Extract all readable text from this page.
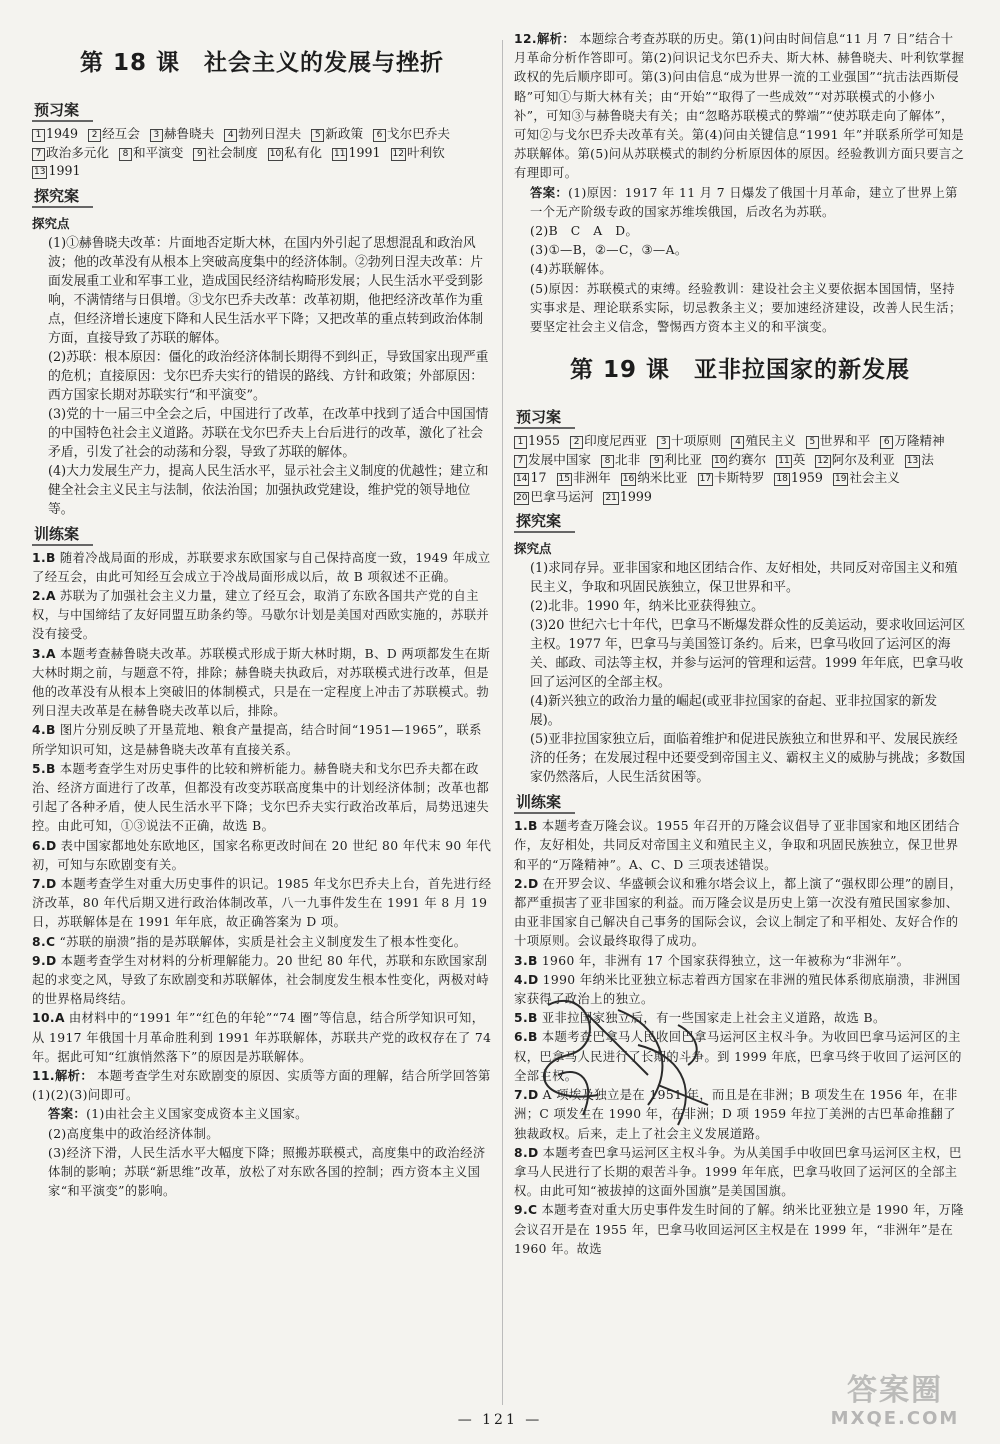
第 18 课　社会主义的发展与挫折
预习案
1 1949 2 经互会 3 赫鲁晓夫 4 勃列日涅夫 5 新政策 6 戈尔巴乔夫 7 政治多元化 8 和平演变 9 社会制度 10 私有化 11 1991 12 叶利钦 13 1991
探究案
探究点

(1)①赫鲁晓夫改革：片面地否定斯大林，在国内外引起了思想混乱和政治风波；他的改革没有从根本上突破高度集中的经济体制。②勃列日涅夫改革：片面发展重工业和军事工业，造成国民经济结构畸形发展；人民生活水平受到影响，不满情绪与日俱增。③戈尔巴乔夫改革：改革初期，他把经济改革作为重点，但经济增长速度下降和人民生活水平下降；又把改革的重点转到政治体制方面，直接导致了苏联的解体。

(2)苏联：根本原因：僵化的政治经济体制长期得不到纠正，导致国家出现严重的危机；直接原因：戈尔巴乔夫实行的错误的路线、方针和政策；外部原因：西方国家长期对苏联实行“和平演变”。

(3)党的十一届三中全会之后，中国进行了改革，在改革中找到了适合中国国情的中国特色社会主义道路。苏联在戈尔巴乔夫上台后进行的改革，激化了社会矛盾，引发了社会的动荡和分裂，导致了苏联的解体。

(4)大力发展生产力，提高人民生活水平，显示社会主义制度的优越性；建立和健全社会主义民主与法制，依法治国；加强执政党建设，维护党的领导地位等。

训练案

1.B 随着冷战局面的形成，苏联要求东欧国家与自己保持高度一致，1949 年成立了经互会，由此可知经互会成立于冷战局面形成以后，故 B 项叙述不正确。

2.A 苏联为了加强社会主义力量，建立了经互会，取消了东欧各国共产党的自主权，与中国缔结了友好同盟互助条约等。马歇尔计划是美国对西欧实施的，苏联并没有接受。

3.A 本题考查赫鲁晓夫改革。苏联模式形成于斯大林时期，B、D 两项都发生在斯大林时期之前，与题意不符，排除；赫鲁晓夫执政后，对苏联模式进行改革，但是他的改革没有从根本上突破旧的体制模式，只是在一定程度上冲击了苏联模式。勃列日涅夫改革是在赫鲁晓夫改革以后，排除。

4.B 图片分别反映了开垦荒地、粮食产量提高，结合时间“1951—1965”，联系所学知识可知，这是赫鲁晓夫改革有直接关系。

5.B 本题考查学生对历史事件的比较和辨析能力。赫鲁晓夫和戈尔巴乔夫都在政治、经济方面进行了改革，但都没有改变苏联高度集中的计划经济体制；改革也都引起了各种矛盾，使人民生活水平下降；戈尔巴乔夫实行政治改革后，局势迅速失控。由此可知，①③说法不正确，故选 B。

6.D 表中国家都地处东欧地区，国家名称更改时间在 20 世纪 80 年代末 90 年代初，可知与东欧剧变有关。

7.D 本题考查学生对重大历史事件的识记。1985 年戈尔巴乔夫上台，首先进行经济改革，80 年代后期又进行政治体制改革，八一九事件发生在 1991 年 8 月 19 日，苏联解体是在 1991 年年底，故正确答案为 D 项。

8.C “苏联的崩溃”指的是苏联解体，实质是社会主义制度发生了根本性变化。

9.D 本题考查学生对材料的分析理解能力。20 世纪 80 年代，苏联和东欧国家刮起的求变之风，导致了东欧剧变和苏联解体，社会制度发生根本性变化，两极对峙的世界格局终结。

10.A 由材料中的“1991 年”“红色的年轮”“74 圈”等信息，结合所学知识可知，从 1917 年俄国十月革命胜利到 1991 年苏联解体，苏联共产党的政权存在了 74 年。据此可知“红旗悄然落下”的原因是苏联解体。

11.解析： 本题考查学生对东欧剧变的原因、实质等方面的理解，结合所学回答第(1)(2)(3)问即可。

答案：(1)由社会主义国家变成资本主义国家。

(2)高度集中的政治经济体制。

(3)经济下滑，人民生活水平大幅度下降；照搬苏联模式，高度集中的政治经济体制的影响；苏联“新思维”改革，放松了对东欧各国的控制；西方资本主义国家“和平演变”的影响。

12.解析： 本题综合考查苏联的历史。第(1)问由时间信息“11 月 7 日”结合十月革命分析作答即可。第(2)问识记戈尔巴乔夫、斯大林、赫鲁晓夫、叶利钦掌握政权的先后顺序即可。第(3)问由信息“成为世界一流的工业强国”“抗击法西斯侵略”可知①与斯大林有关；由“开始”“取得了一些成效”“对苏联模式的小修小补”，可知③与赫鲁晓夫有关；由“忽略苏联模式的弊端”“使苏联走向了解体”，可知②与戈尔巴乔夫改革有关。第(4)问由关键信息“1991 年”并联系所学可知是苏联解体。第(5)问从苏联模式的制约分析原因体的原因。经验教训方面只要言之有理即可。

答案：(1)原因：1917 年 11 月 7 日爆发了俄国十月革命，建立了世界上第一个无产阶级专政的国家苏维埃俄国，后改名为苏联。

(2)B　C　A　D。

(3)①—B，②—C，③—A。

(4)苏联解体。

(5)原因：苏联模式的束缚。经验教训：建设社会主义要依据本国国情，坚持实事求是、理论联系实际，切忌教条主义；要加速经济建设，改善人民生活；要坚定社会主义信念，警惕西方资本主义的和平演变。

第 19 课　亚非拉国家的新发展
预习案
1 1955 2 印度尼西亚 3 十项原则 4 殖民主义 5 世界和平 6 万隆精神 7 发展中国家 8 北非 9 利比亚 10 约赛尔 11 英 12 阿尔及利亚 13 法 14 17 15 非洲年 16 纳米比亚 17 卡斯特罗 18 1959 19 社会主义 20 巴拿马运河 21 1999
探究案
探究点

(1)求同存异。亚非国家和地区团结合作、友好相处，共同反对帝国主义和殖民主义，争取和巩固民族独立，保卫世界和平。

(2)北非。1990 年，纳米比亚获得独立。

(3)20 世纪六七十年代，巴拿马不断爆发群众性的反美运动，要求收回运河区主权。1977 年，巴拿马与美国签订条约。后来，巴拿马收回了运河区的海关、邮政、司法等主权，并参与运河的管理和运营。1999 年年底，巴拿马收回了运河区的全部主权。

(4)新兴独立的政治力量的崛起(或亚非拉国家的奋起、亚非拉国家的新发展)。

(5)亚非拉国家独立后，面临着维护和促进民族独立和世界和平、发展民族经济的任务；在发展过程中还要受到帝国主义、霸权主义的威胁与挑战；多数国家仍然落后，人民生活贫困等。

训练案

1.B 本题考查万隆会议。1955 年召开的万隆会议倡导了亚非国家和地区团结合作，友好相处，共同反对帝国主义和殖民主义，争取和巩固民族独立，保卫世界和平的“万隆精神”。A、C、D 三项表述错误。

2.D 在开罗会议、华盛顿会议和雅尔塔会议上，都上演了“强权即公理”的剧目，都严重损害了亚非国家的利益。而万隆会议是历史上第一次没有殖民国家参加、由亚非国家自己解决自己事务的国际会议，会议上制定了和平相处、友好合作的十项原则。会议最终取得了成功。

3.B 1960 年，非洲有 17 个国家获得独立，这一年被称为“非洲年”。

4.D 1990 年纳米比亚独立标志着西方国家在非洲的殖民体系彻底崩溃，非洲国家获得了政治上的独立。

5.B 亚非拉国家独立后，有一些国家走上社会主义道路，故选 B。

6.B 本题考查巴拿马人民收回巴拿马运河区主权斗争。为收回巴拿马运河区的主权，巴拿马人民进行了长期的斗争。到 1999 年底，巴拿马终于收回了运河区的全部主权。

7.D A 项埃及独立是在 1951 年，而且是在非洲；B 项发生在 1956 年，在非洲；C 项发生在 1990 年，在非洲；D 项 1959 年拉丁美洲的古巴革命推翻了独裁政权。后来，走上了社会主义发展道路。

8.D 本题考查巴拿马运河区主权斗争。为从美国手中收回巴拿马运河区主权，巴拿马人民进行了长期的艰苦斗争。1999 年年底，巴拿马收回了运河区的全部主权。由此可知“被拔掉的这面外国旗”是美国国旗。

9.C 本题考查对重大历史事件发生时间的了解。纳米比亚独立是 1990 年，万隆会议召开是在 1955 年，巴拿马收回运河区主权是在 1999 年，“非洲年”是在 1960 年。故选

— 121 —
答案圈
MXQE.COM
